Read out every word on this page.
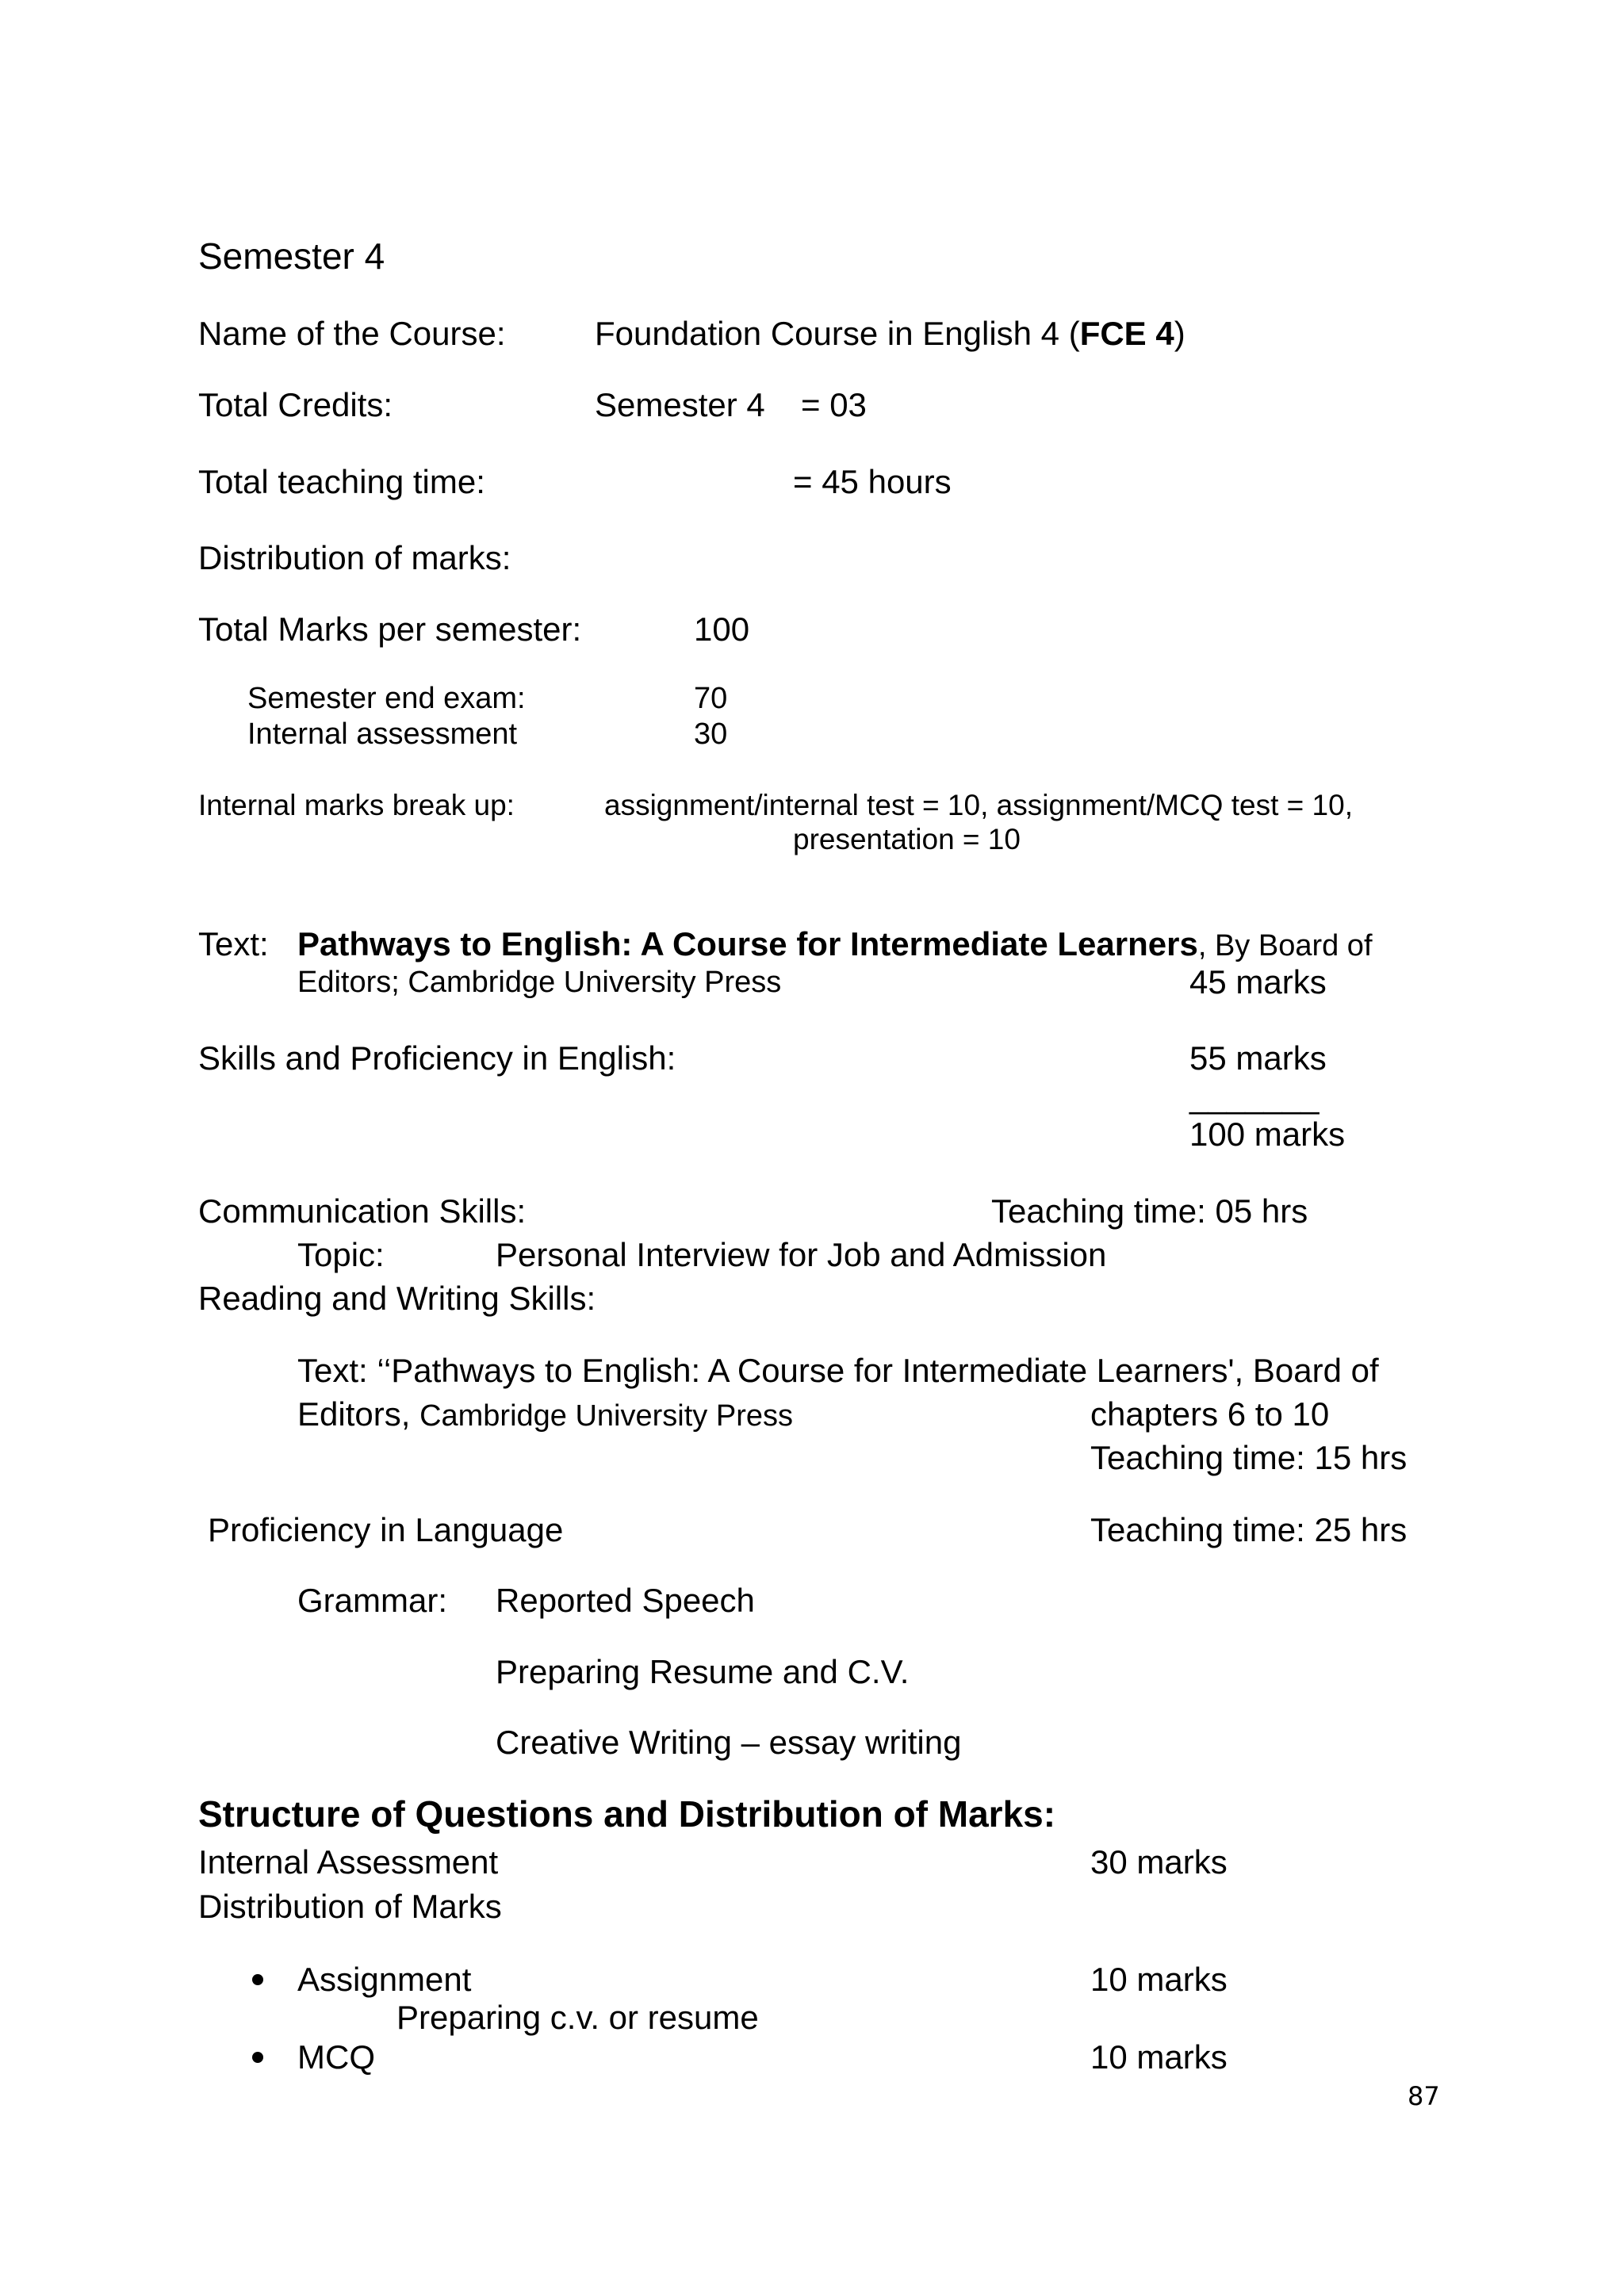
Semester 4
Name of the Course:	Foundation Course in English 4 (FCE 4)
Total Credits:	Semester 4 = 03
Total teaching time:	= 45 hours
Distribution of marks:
Total Marks per semester:	100
Semester end exam:	70
Internal assessment	30
Internal marks break up:	assignment/internal test = 10, assignment/MCQ test = 10,
presentation = 10
Text: Pathways to English: A Course for Intermediate Learners, By Board of
Editors; Cambridge University Press	45 marks
Skills and Proficiency in English:	55 marks
_______
100 marks
Communication Skills:	Teaching time: 05 hrs
Topic:	Personal Interview for Job and Admission
Reading and Writing Skills:
Text: ‘‘Pathways to English: A Course for Intermediate Learners', Board of
Editors, Cambridge University Press	chapters 6 to 10
Teaching time: 15 hrs
Proficiency in Language	Teaching time: 25 hrs
Grammar: Reported Speech
Preparing Resume and C.V.
Creative Writing – essay writing
Structure of Questions and Distribution of Marks:
Internal Assessment	30 marks
Distribution of Marks
Assignment	10 marks
Preparing c.v. or resume
MCQ	10 marks
87
